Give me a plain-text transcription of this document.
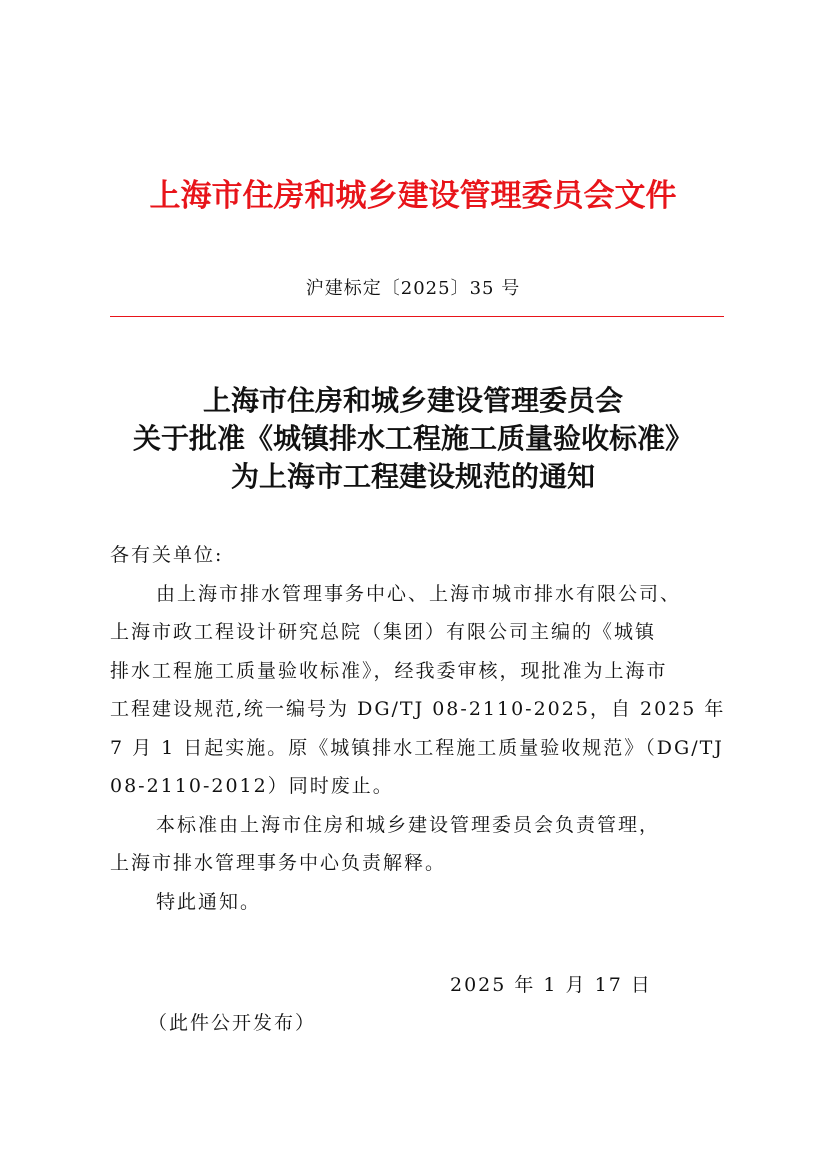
上海市住房和城乡建设管理委员会文件
沪建标定〔2025〕35 号
上海市住房和城乡建设管理委员会
关于批准《城镇排水工程施工质量验收标准》
为上海市工程建设规范的通知
各有关单位:
由上海市排水管理事务中心、上海市城市排水有限公司、
上海市政工程设计研究总院（集团）有限公司主编的《城镇
排水工程施工质量验收标准》，经我委审核，现批准为上海市
工程建设规范,统一编号为 DG/TJ 08-2110-2025，自 2025 年
7 月 1 日起实施。原《城镇排水工程施工质量验收规范》（DG/TJ
08-2110-2012）同时废止。
本标准由上海市住房和城乡建设管理委员会负责管理，
上海市排水管理事务中心负责解释。
特此通知。
2025 年 1 月 17 日
（此件公开发布）
